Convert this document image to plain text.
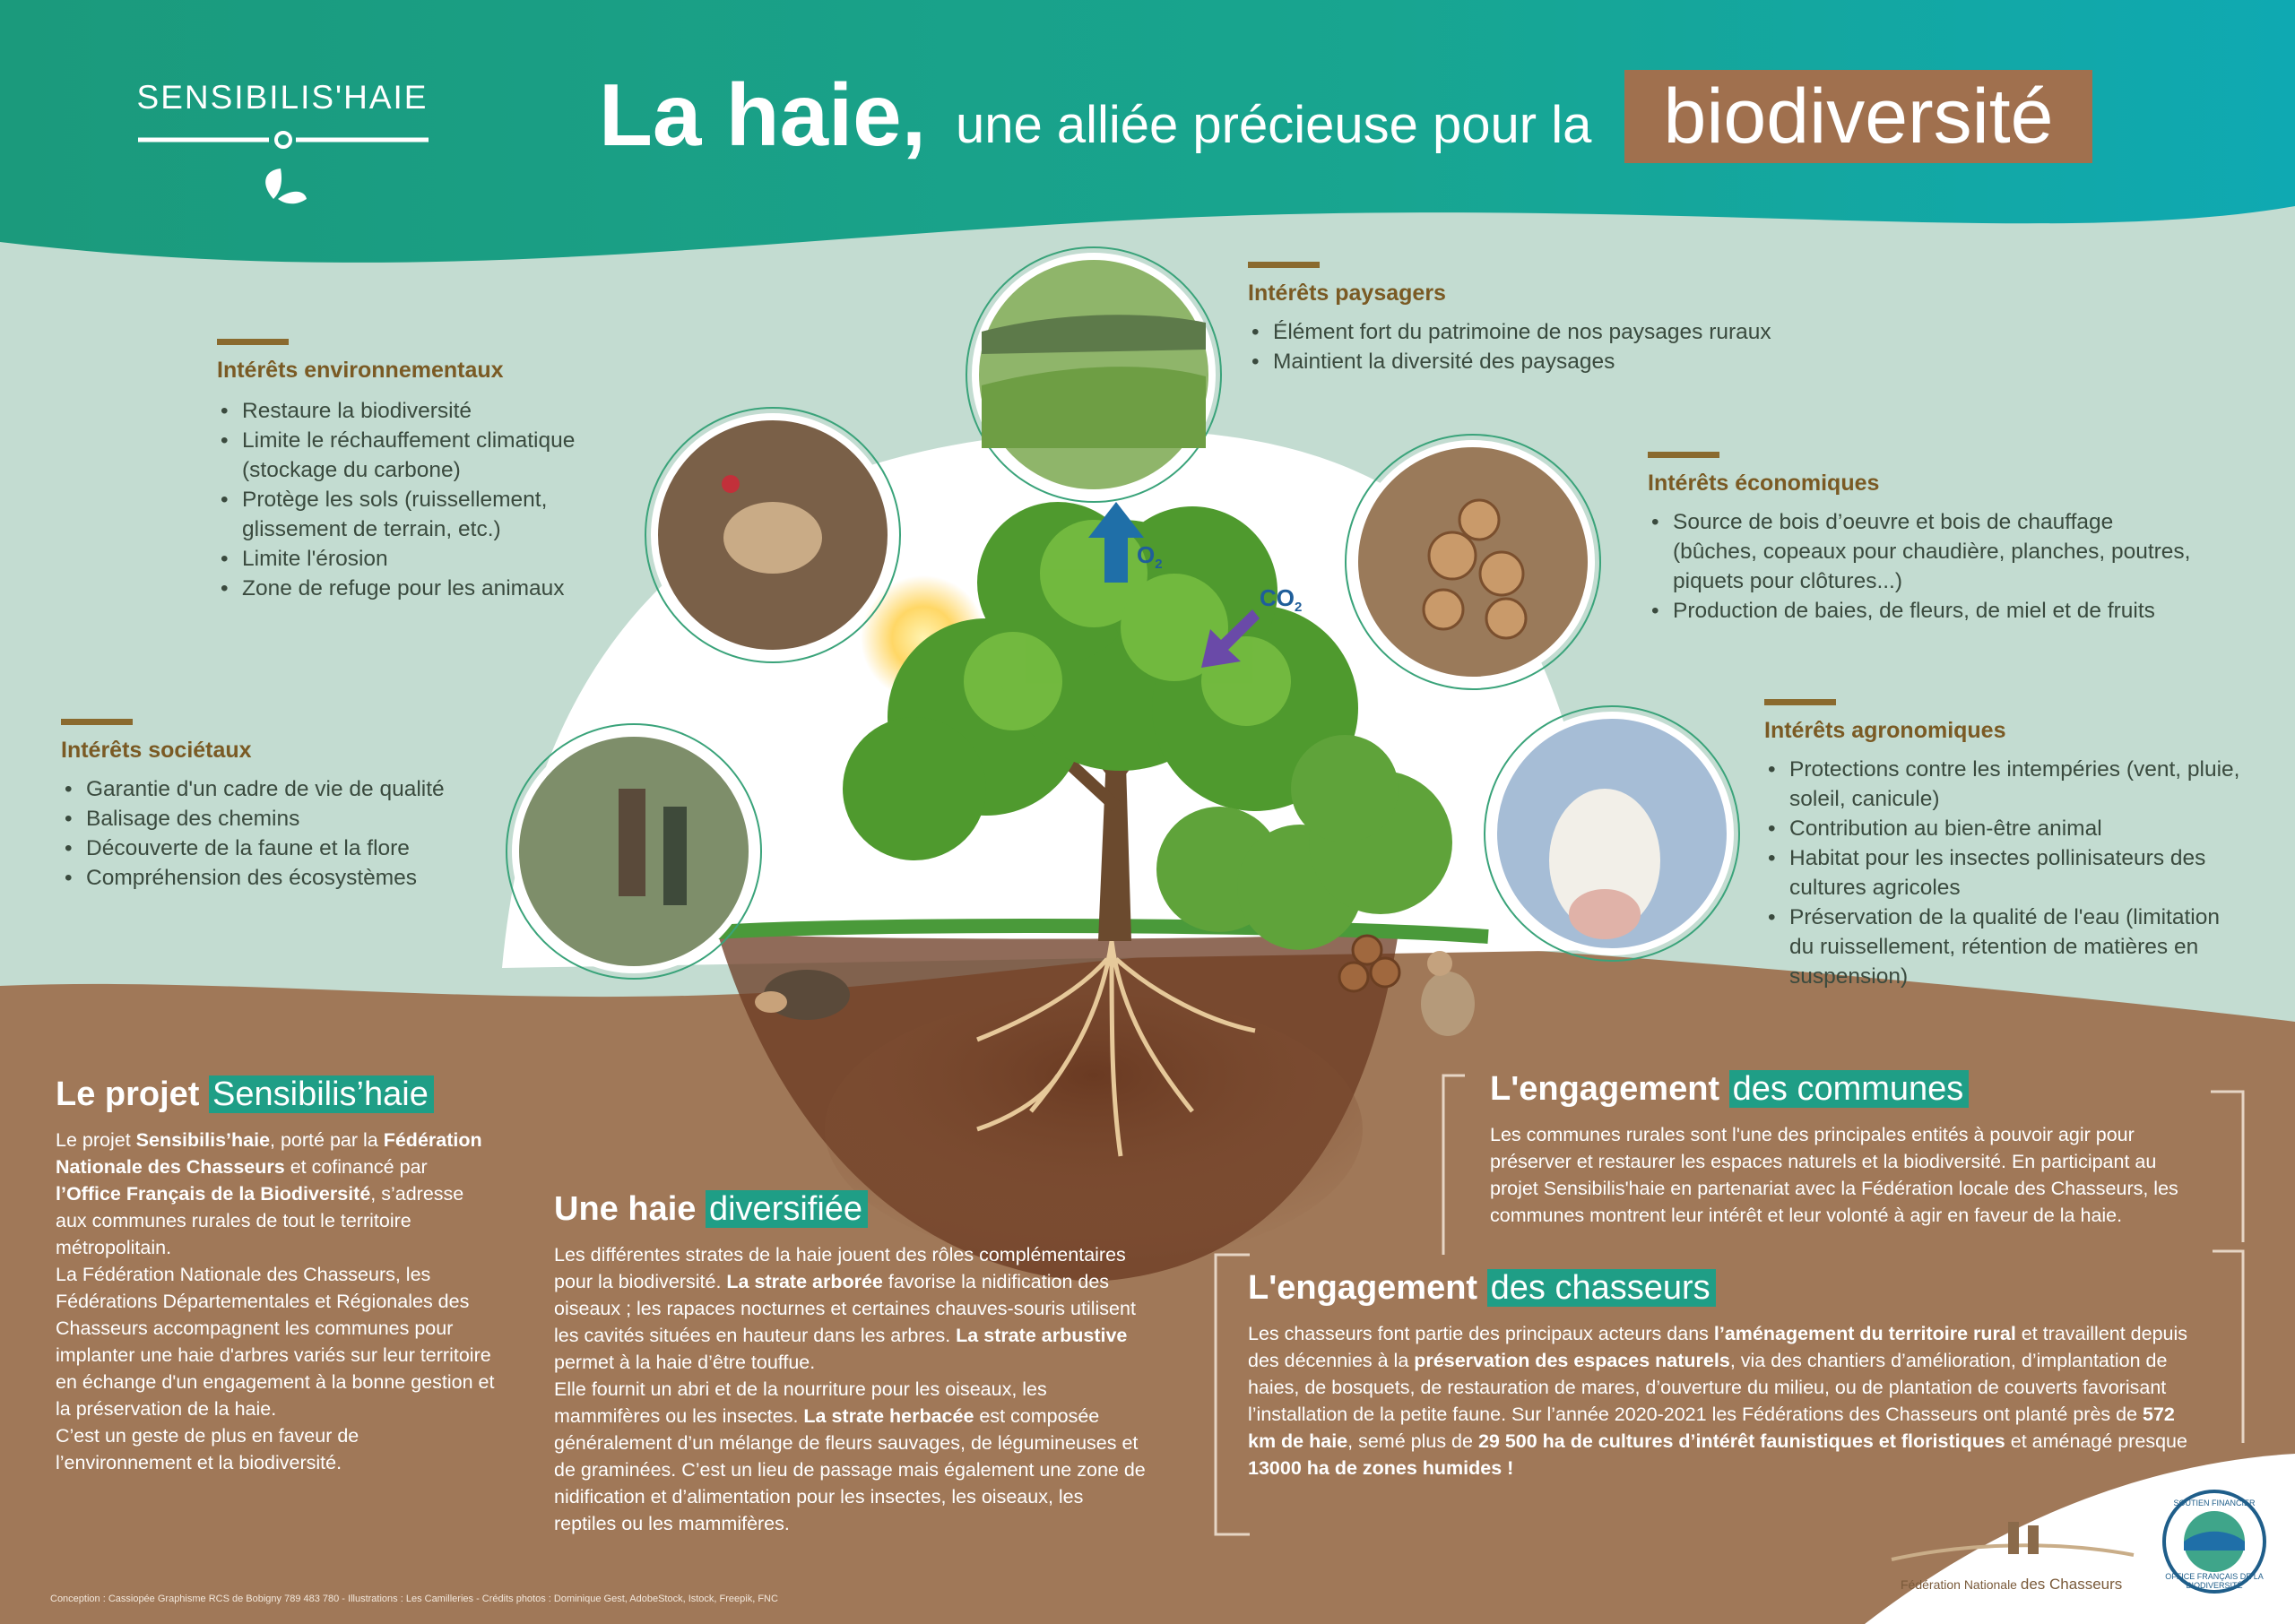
SENSIBILIS'HAIE La haie, une alliée précieuse pour la biodiversité
$O_2$
$CO_2$
Intérêts environnementaux
• Restaure la biodiversité
• Limite le réchauffement climatique (stockage du carbone)
• Protège les sols (ruissellement, glissement de terrain, etc.)
• Limite l'érosion
• Zone de refuge pour les animaux
Intérêts paysagers
• Élément fort du patrimoine de nos paysages ruraux
• Maintient la diversité des paysages
Intérêts économiques
• Source de bois d’oeuvre et bois de chauffage (bûches, copeaux pour chaudière, planches, poutres, piquets pour clôtures...)
• Production de baies, de fleurs, de miel et de fruits
Intérêts sociétaux
• Garantie d'un cadre de vie de qualité
• Balisage des chemins
• Découverte de la faune et la flore
• Compréhension des écosystèmes
Intérêts agronomiques
• Protections contre les intempéries (vent, pluie, soleil, canicule)
• Contribution au bien-être animal
• Habitat pour les insectes pollinisateurs des cultures agricoles
• Préservation de la qualité de l'eau (limitation du ruissellement, rétention de matières en suspension)
Le projet Sensibilis’haie
Le projet Sensibilis’haie, porté par la Fédération Nationale des Chasseurs et cofinancé par l’Office Français de la Biodiversité, s’adresse aux communes rurales de tout le territoire métropolitain.
La Fédération Nationale des Chasseurs, les Fédérations Départementales et Régionales des Chasseurs accompagnent les communes pour implanter une haie d'arbres variés sur leur territoire en échange d'un engagement à la bonne gestion et la préservation de la haie.
C’est un geste de plus en faveur de l’environnement et la biodiversité.
Une haie diversifiée
Les différentes strates de la haie jouent des rôles complémentaires pour la biodiversité. La strate arborée favorise la nidification des oiseaux ; les rapaces nocturnes et certaines chauves-souris utilisent les cavités situées en hauteur dans les arbres. La strate arbustive permet à la haie d’être touffue.
Elle fournit un abri et de la nourriture pour les oiseaux, les mammifères ou les insectes. La strate herbacée est composée généralement d’un mélange de fleurs sauvages, de légumineuses et de graminées. C’est un lieu de passage mais également une zone de nidification et d’alimentation pour les insectes, les oiseaux, les reptiles ou les mammifères.
L'engagement des communes
Les communes rurales sont l'une des principales entités à pouvoir agir pour préserver et restaurer les espaces naturels et la biodiversité. En participant au projet Sensibilis'haie en partenariat avec la Fédération locale des Chasseurs, les communes montrent leur intérêt et leur volonté à agir en faveur de la haie.
L'engagement des chasseurs
Les chasseurs font partie des principaux acteurs dans l’aménagement du territoire rural et travaillent depuis des décennies à la préservation des espaces naturels, via des chantiers d’amélioration, d’implantation de haies, de bosquets, de restauration de mares, d’ouverture du milieu, ou de plantation de couverts favorisant l’installation de la petite faune. Sur l’année 2020-2021 les Fédérations des Chasseurs ont planté près de 572 km de haie, semé plus de 29 500 ha de cultures d’intérêt faunistiques et floristiques et aménagé presque
13000 ha de zones humides !
Conception : Cassiopée Graphisme RCS de Bobigny 789 483 780 - Illustrations : Les Camilleries - Crédits photos : Dominique Gest, AdobeStock, Istock, Freepik, FNC
Fédération Nationale des Chasseurs
SOUTIEN FINANCIER
OFFICE FRANÇAIS DE LA BIODIVERSITÉ
